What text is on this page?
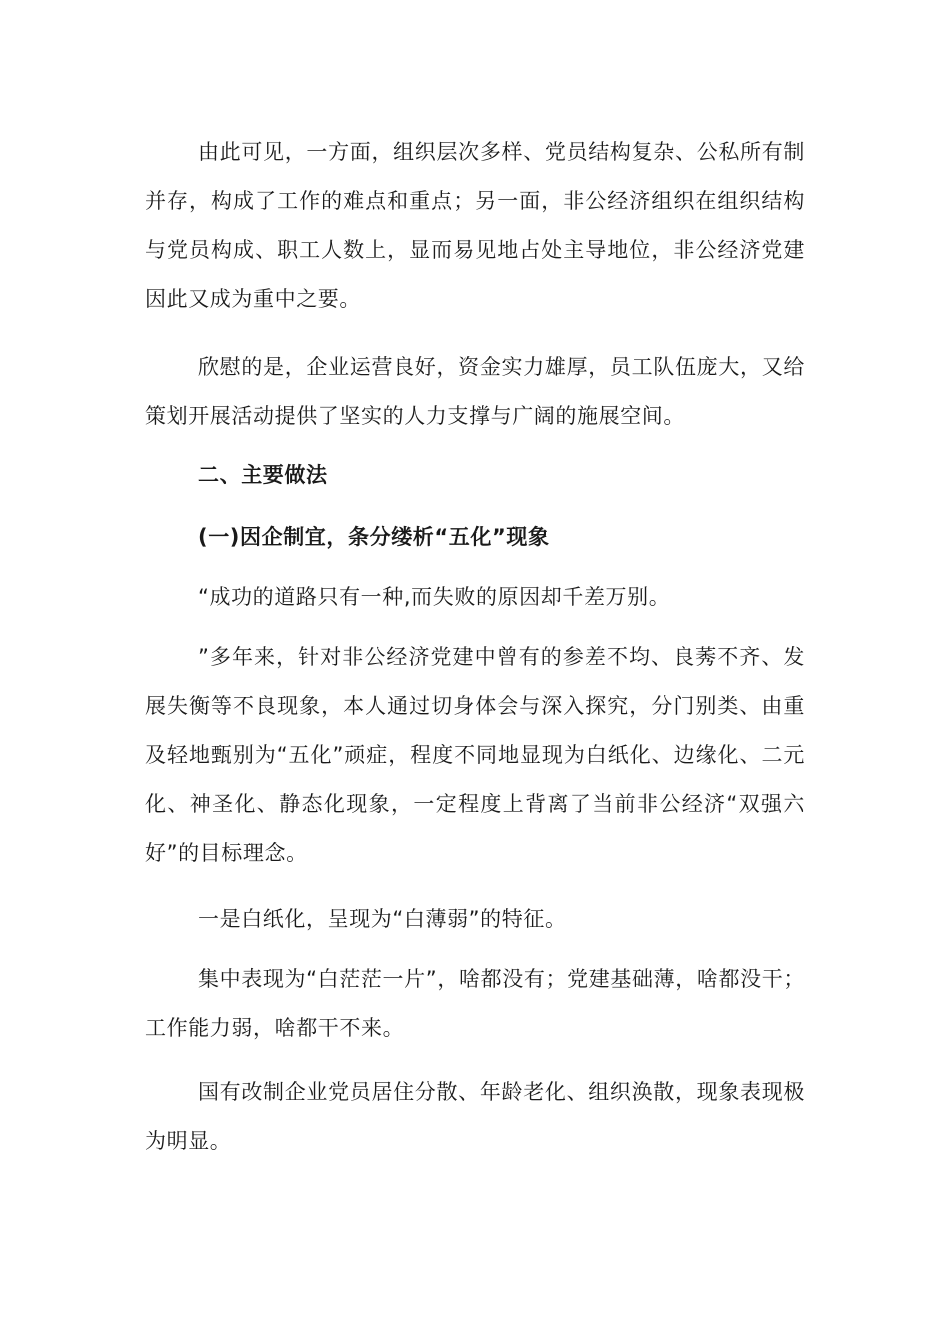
由此可见，一方面，组织层次多样、党员结构复杂、公私所有制并存，构成了工作的难点和重点；另一面，非公经济组织在组织结构与党员构成、职工人数上，显而易见地占处主导地位，非公经济党建因此又成为重中之要。

欣慰的是，企业运营良好，资金实力雄厚，员工队伍庞大，又给策划开展活动提供了坚实的人力支撑与广阔的施展空间。

二、主要做法
(一)因企制宜，条分缕析“五化”现象

“成功的道路只有一种,而失败的原因却千差万别。

”多年来，针对非公经济党建中曾有的参差不均、良莠不齐、发展失衡等不良现象，本人通过切身体会与深入探究，分门别类、由重及轻地甄别为“五化”顽症，程度不同地显现为白纸化、边缘化、二元化、神圣化、静态化现象，一定程度上背离了当前非公经济“双强六好”的目标理念。

一是白纸化，呈现为“白薄弱”的特征。

集中表现为“白茫茫一片”，啥都没有；党建基础薄，啥都没干；工作能力弱，啥都干不来。

国有改制企业党员居住分散、年龄老化、组织涣散，现象表现极为明显。
